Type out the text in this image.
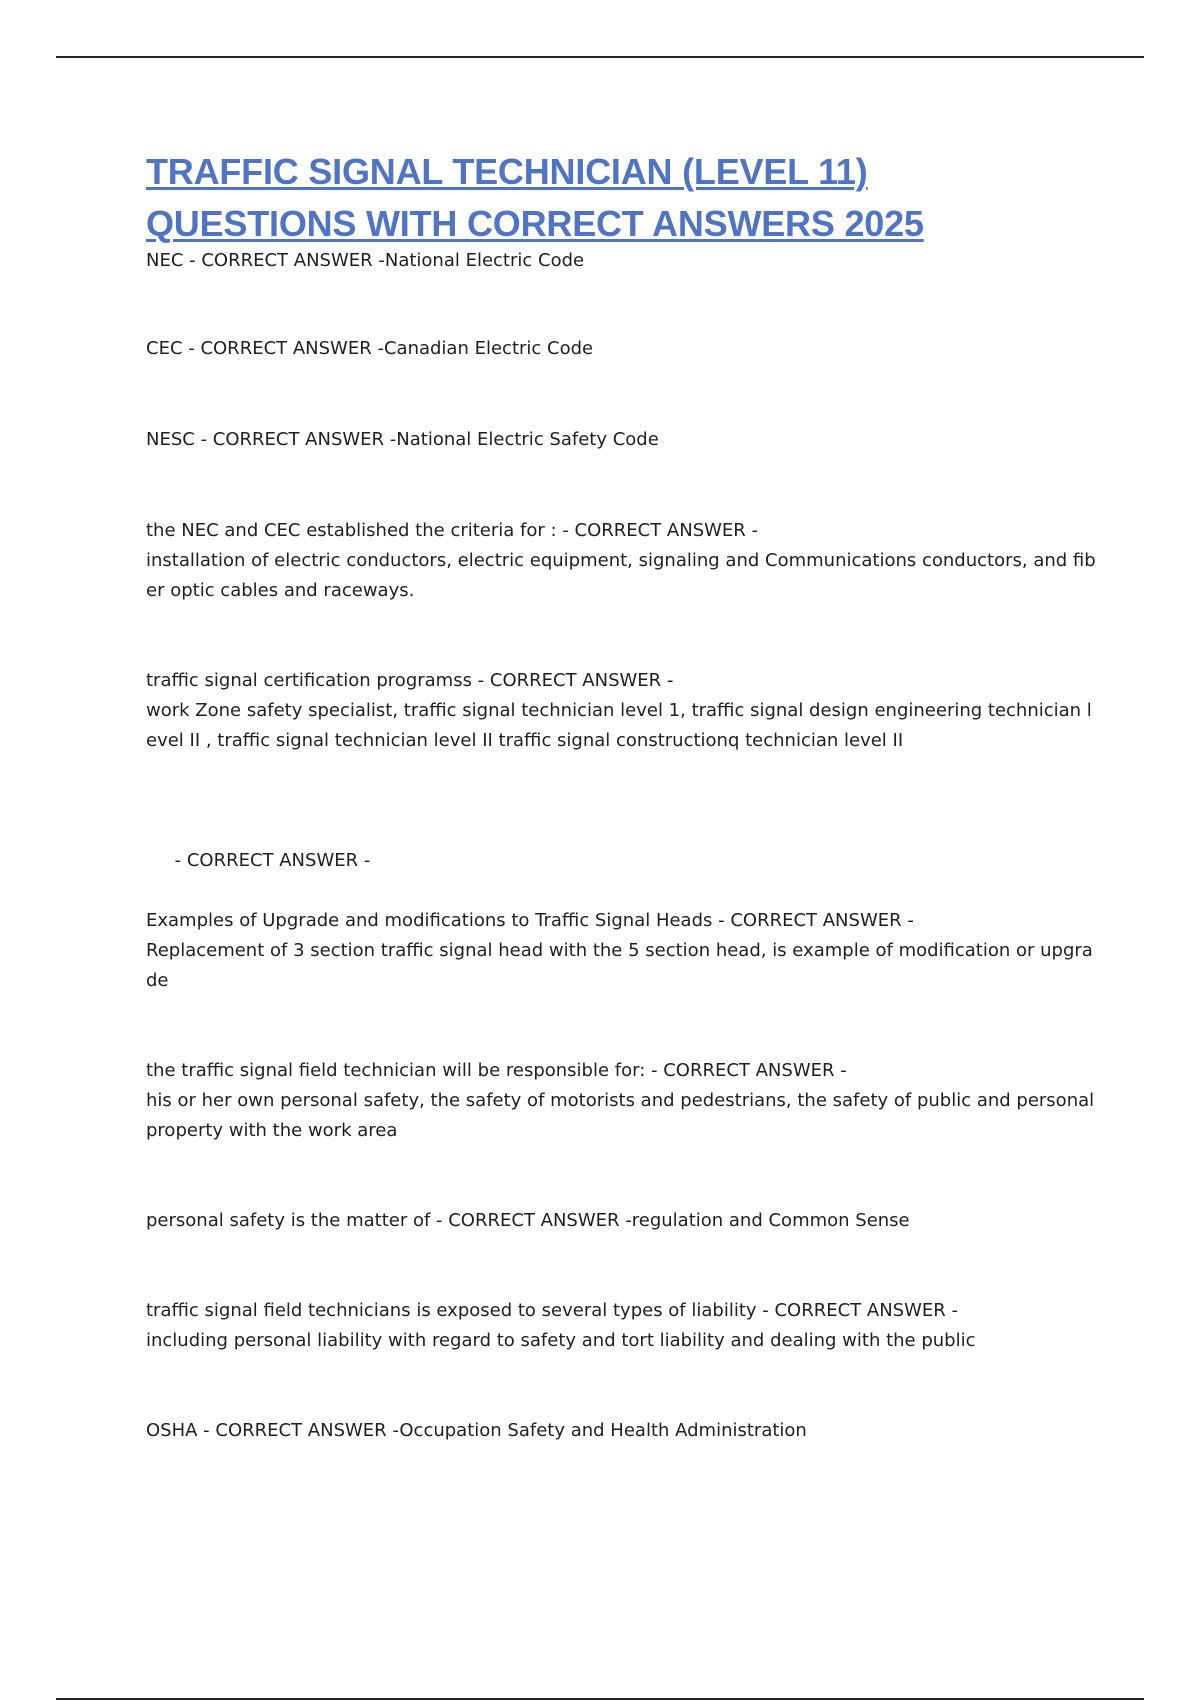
TRAFFIC SIGNAL TECHNICIAN (LEVEL 11)
QUESTIONS WITH CORRECT ANSWERS 2025
NEC - CORRECT ANSWER -National Electric Code
CEC - CORRECT ANSWER -Canadian Electric Code
NESC - CORRECT ANSWER -National Electric Safety Code
the NEC and CEC established the criteria for : - CORRECT ANSWER -
installation of electric conductors, electric equipment, signaling and Communications conductors, and fiber optic cables and raceways.
traffic signal certification programss - CORRECT ANSWER -
work Zone safety specialist, traffic signal technician level 1, traffic signal design engineering technician level II , traffic signal technician level II traffic signal constructionq technician level II

- CORRECT ANSWER -

Examples of Upgrade and modifications to Traffic Signal Heads - CORRECT ANSWER -
Replacement of 3 section traffic signal head with the 5 section head, is example of modification or upgrade
the traffic signal field technician will be responsible for: - CORRECT ANSWER -
his or her own personal safety, the safety of motorists and pedestrians, the safety of public and personal property with the work area
personal safety is the matter of - CORRECT ANSWER -regulation and Common Sense
traffic signal field technicians is exposed to several types of liability - CORRECT ANSWER -
including personal liability with regard to safety and tort liability and dealing with the public
OSHA - CORRECT ANSWER -Occupation Safety and Health Administration
